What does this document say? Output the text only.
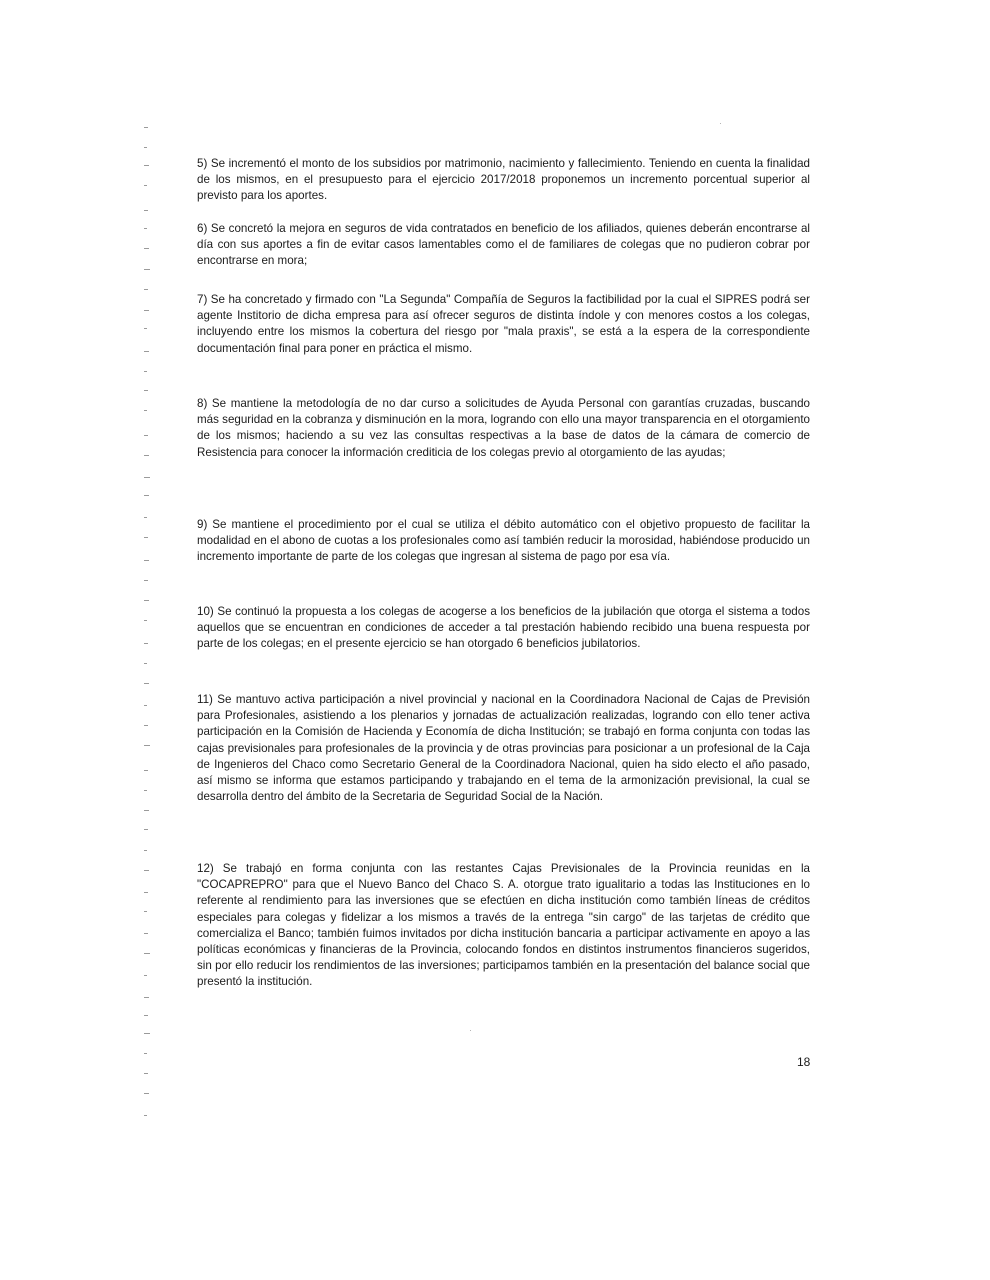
5) Se incrementó el monto de los subsidios por matrimonio, nacimiento y fallecimiento. Teniendo en cuenta la finalidad de los mismos, en el presupuesto para el ejercicio 2017/2018 proponemos un incremento porcentual superior al previsto para los aportes.

6) Se concretó la mejora en seguros de vida contratados en beneficio de los afiliados, quienes deberán encontrarse al día con sus aportes a fin de evitar casos lamentables como el de familiares de colegas que no pudieron cobrar por encontrarse en mora;

7) Se ha concretado y firmado con "La Segunda" Compañía de Seguros la factibilidad por la cual el SIPRES podrá ser agente Institorio de dicha empresa para así ofrecer seguros de distinta índole y con menores costos a los colegas, incluyendo entre los mismos la cobertura del riesgo por "mala praxis", se está a la espera de la correspondiente documentación final para poner en práctica el mismo.

8) Se mantiene la metodología de no dar curso a solicitudes de Ayuda Personal con garantías cruzadas, buscando más seguridad en la cobranza y disminución en la mora, logrando con ello una mayor transparencia en el otorgamiento de los mismos; haciendo a su vez las consultas respectivas a la base de datos de la cámara de comercio de Resistencia para conocer la información crediticia de los colegas previo al otorgamiento de las ayudas;

9) Se mantiene el procedimiento por el cual se utiliza el débito automático con el objetivo propuesto de facilitar la modalidad en el abono de cuotas a los profesionales como así también reducir la morosidad, habiéndose producido un incremento importante de parte de los colegas que ingresan al sistema de pago por esa vía.

10) Se continuó la propuesta a los colegas de acogerse a los beneficios de la jubilación que otorga el sistema a todos aquellos que se encuentran en condiciones de acceder a tal prestación habiendo recibido una buena respuesta por parte de los colegas; en el presente ejercicio se han otorgado 6 beneficios jubilatorios.

11) Se mantuvo activa participación a nivel provincial y nacional en la Coordinadora Nacional de Cajas de Previsión para Profesionales, asistiendo a los plenarios y jornadas de actualización realizadas, logrando con ello tener activa participación en la Comisión de Hacienda y Economía de dicha Institución; se trabajó en forma conjunta con todas las cajas previsionales para profesionales de la provincia y de otras provincias para posicionar a un profesional de la Caja de Ingenieros del Chaco como Secretario General de la Coordinadora Nacional, quien ha sido electo el año pasado, así mismo se informa que estamos participando y trabajando en el tema de la armonización previsional, la cual se desarrolla dentro del ámbito de la Secretaria de Seguridad Social de la Nación.

12) Se trabajó en forma conjunta con las restantes Cajas Previsionales de la Provincia reunidas en la "COCAPREPRO" para que el Nuevo Banco del Chaco S. A. otorgue trato igualitario a todas las Instituciones en lo referente al rendimiento para las inversiones que se efectúen en dicha institución como también líneas de créditos especiales para colegas y fidelizar a los mismos a través de la entrega "sin cargo" de las tarjetas de crédito que comercializa el Banco; también fuimos invitados por dicha institución bancaria a participar activamente en apoyo a las políticas económicas y financieras de la Provincia, colocando fondos en distintos instrumentos financieros sugeridos, sin por ello reducir los rendimientos de las inversiones; participamos también en la presentación del balance social que presentó la institución.

18
